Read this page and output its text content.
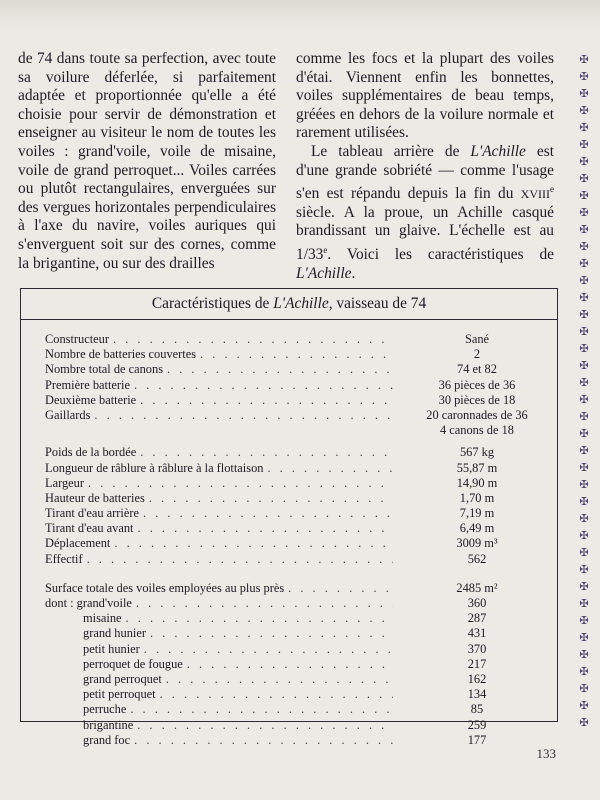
de 74 dans toute sa perfection, avec toute sa voilure déferlée, si parfaitement adaptée et proportionnée qu'elle a été choisie pour servir de démonstration et enseigner au visiteur le nom de toutes les voiles : grand'voile, voile de misaine, voile de grand perroquet... Voiles carrées ou plutôt rectangulaires, enverguées sur des vergues horizontales perpendiculaires à l'axe du navire, voiles auriques qui s'enverguent soit sur des cornes, comme la brigantine, ou sur des drailles

comme les focs et la plupart des voiles d'étai. Viennent enfin les bonnettes, voiles supplémentaires de beau temps, gréées en dehors de la voilure normale et rarement utilisées.

Le tableau arrière de L'Achille est d'une grande sobriété — comme l'usage s'en est répandu depuis la fin du XVIIIe siècle. A la proue, un Achille casqué brandissant un glaive. L'échelle est au 1/33e. Voici les caractéristiques de L'Achille.

✠
✠
✠
✠
✠
✠
✠
✠
✠
✠
✠
✠
✠
✠
✠
✠
✠
✠
✠
✠
✠
✠
✠
✠
✠
✠
✠
✠
✠
✠
✠
✠
✠
✠
✠
✠
✠
✠
✠
✠
Caractéristiques de L'Achille, vaisseau de 74
Constructeur . . .	Sané
Nombre de batteries couvertes . . .	2
Nombre total de canons . . .	74 et 82
Première batterie . . .	36 pièces de 36
Deuxième batterie . . .	30 pièces de 18
Gaillards . . .	20 caronnades de 36
4 canons de 18
Poids de la bordée . . .	567 kg
Longueur de râblure à râblure à la flottaison . . .	55,87 m
Largeur . . .	14,90 m
Hauteur de batteries . . .	1,70 m
Tirant d'eau arrière . . .	7,19 m
Tirant d'eau avant . . .	6,49 m
Déplacement . . .	3009 m³
Effectif . . .	562
Surface totale des voiles employées au plus près . . .	2485 m²
dont : grand'voile . . .	360
misaine . . .	287
grand hunier . . .	431
petit hunier . . .	370
perroquet de fougue . . .	217
grand perroquet . . .	162
petit perroquet . . .	134
perruche . . .	85
brigantine . . .	259
grand foc . . .	177
133
